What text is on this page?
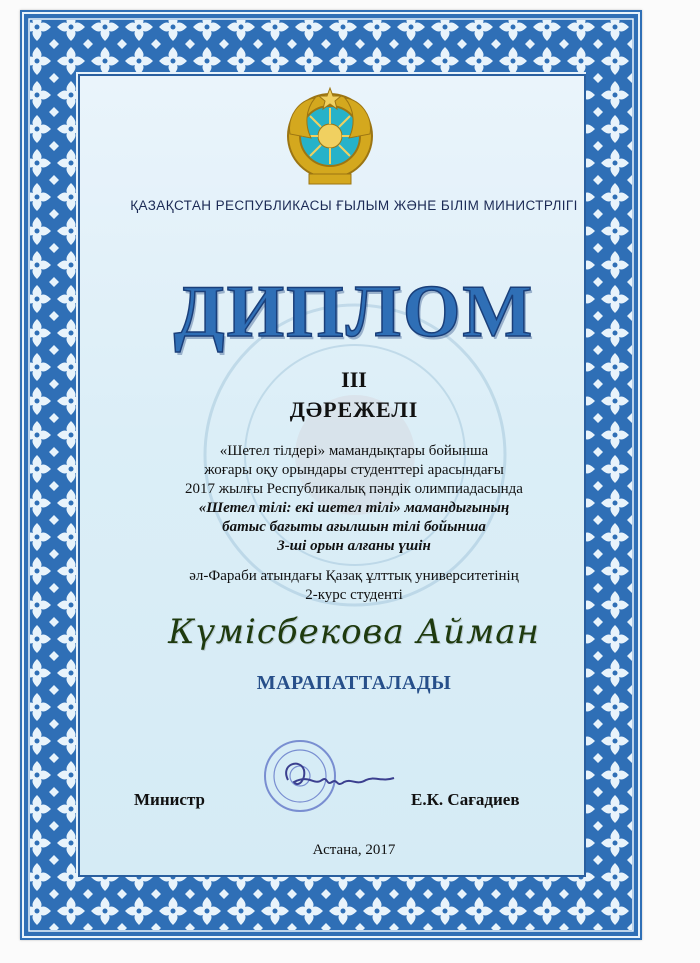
ҚАЗАҚСТАН РЕСПУБЛИКАСЫ ҒЫЛЫМ ЖӘНЕ БІЛІМ МИНИСТРЛІГІ
ДИПЛОМ
III
ДӘРЕЖЕЛІ
«Шетел тілдері» мамандықтары бойынша
жоғары оқу орындары студенттері арасындағы
2017 жылғы Республикалық пәндік олимпиадасында
«Шетел тілі: екі шетел тілі» мамандығының
батыс бағыты ағылшын тілі бойынша
3-ші орын алғаны үшін
әл-Фараби атындағы Қазақ ұлттық университетінің
2-курс студенті
Күмісбекова Айман
МАРАПАТТАЛАДЫ
Министр	Е.К. Сағадиев
Астана, 2017
